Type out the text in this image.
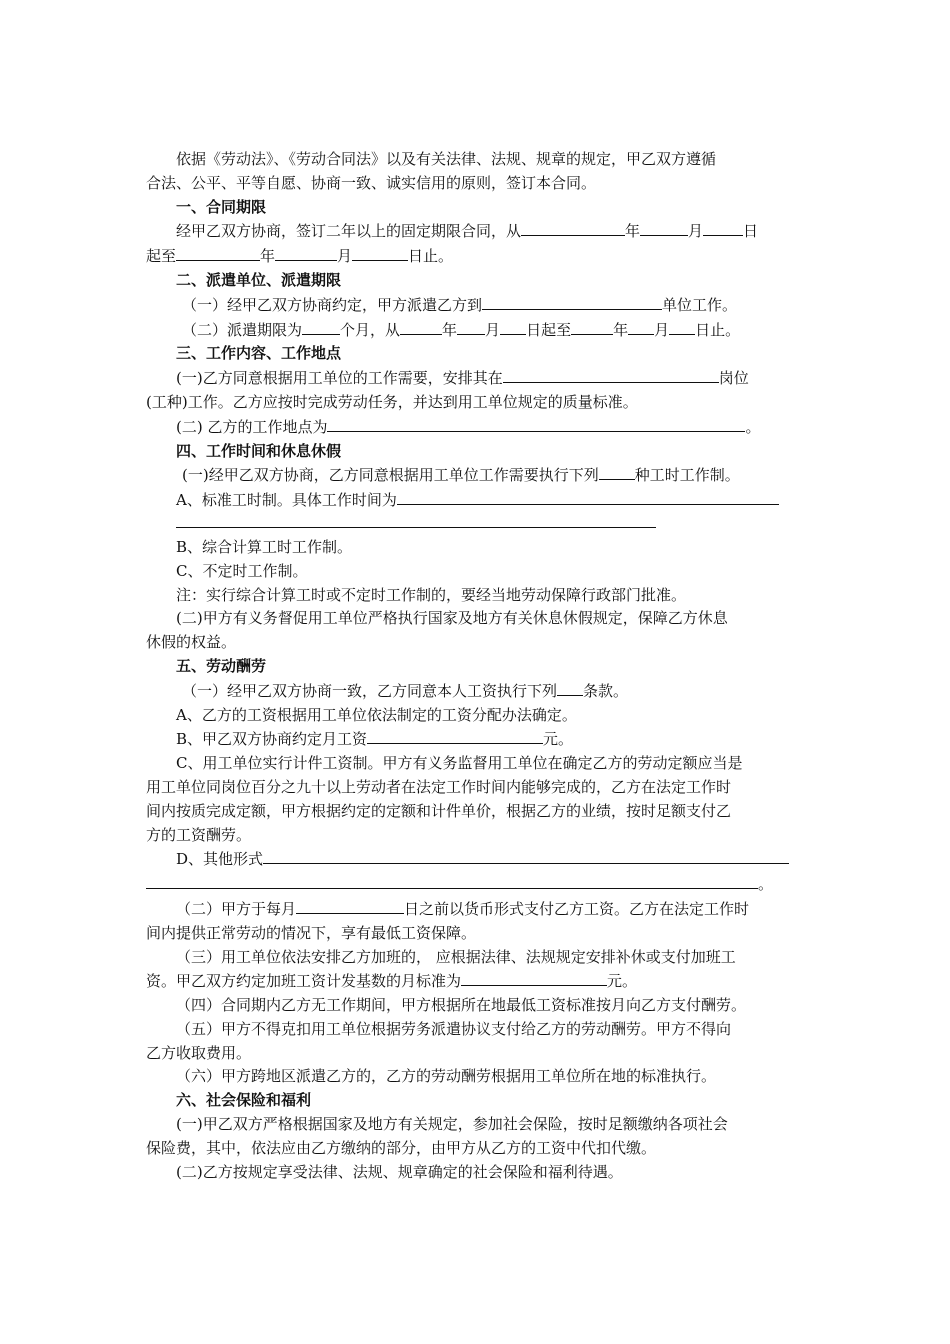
依据《劳动法》、《劳动合同法》以及有关法律、法规、规章的规定，甲乙双方遵循

合法、公平、平等自愿、协商一致、诚实信用的原则，签订本合同。

一、合同期限

经甲乙双方协商，签订二年以上的固定期限合同，从	年	月	日

起至	年	月	日止。

二、派遣单位、派遣期限

（一）经甲乙双方协商约定，甲方派遣乙方到	单位工作。

（二）派遣期限为	个月，从	年 月 日起至	年 月 日止。

三、工作内容、工作地点

(一)乙方同意根据用工单位的工作需要，安排其在	岗位

(工种)工作。乙方应按时完成劳动任务，并达到用工单位规定的质量标准。

(二) 乙方的工作地点为	。

四、工作时间和休息休假

(一)经甲乙双方协商，乙方同意根据用工单位工作需要执行下列 种工时工作制。

A、标准工时制。具体工作时间为

B、综合计算工时工作制。

C、不定时工作制。

注：实行综合计算工时或不定时工作制的，要经当地劳动保障行政部门批准。

(二)甲方有义务督促用工单位严格执行国家及地方有关休息休假规定，保障乙方休息

休假的权益。

五、劳动酬劳

（一）经甲乙双方协商一致，乙方同意本人工资执行下列 条款。

A、乙方的工资根据用工单位依法制定的工资分配办法确定。

B、甲乙双方协商约定月工资	元。

C、用工单位实行计件工资制。甲方有义务监督用工单位在确定乙方的劳动定额应当是

用工单位同岗位百分之九十以上劳动者在法定工作时间内能够完成的，乙方在法定工作时

间内按质完成定额，甲方根据约定的定额和计件单价，根据乙方的业绩，按时足额支付乙

方的工资酬劳。

D、其他形式

。

（二）甲方于每月	日之前以货币形式支付乙方工资。乙方在法定工作时

间内提供正常劳动的情况下，享有最低工资保障。

（三）用工单位依法安排乙方加班的， 应根据法律、法规规定安排补休或支付加班工

资。甲乙双方约定加班工资计发基数的月标准为	元。

（四）合同期内乙方无工作期间，甲方根据所在地最低工资标准按月向乙方支付酬劳。

（五）甲方不得克扣用工单位根据劳务派遣协议支付给乙方的劳动酬劳。甲方不得向

乙方收取费用。

（六）甲方跨地区派遣乙方的，乙方的劳动酬劳根据用工单位所在地的标准执行。

六、社会保险和福利

(一)甲乙双方严格根据国家及地方有关规定，参加社会保险，按时足额缴纳各项社会

保险费，其中，依法应由乙方缴纳的部分，由甲方从乙方的工资中代扣代缴。

(二)乙方按规定享受法律、法规、规章确定的社会保险和福利待遇。
